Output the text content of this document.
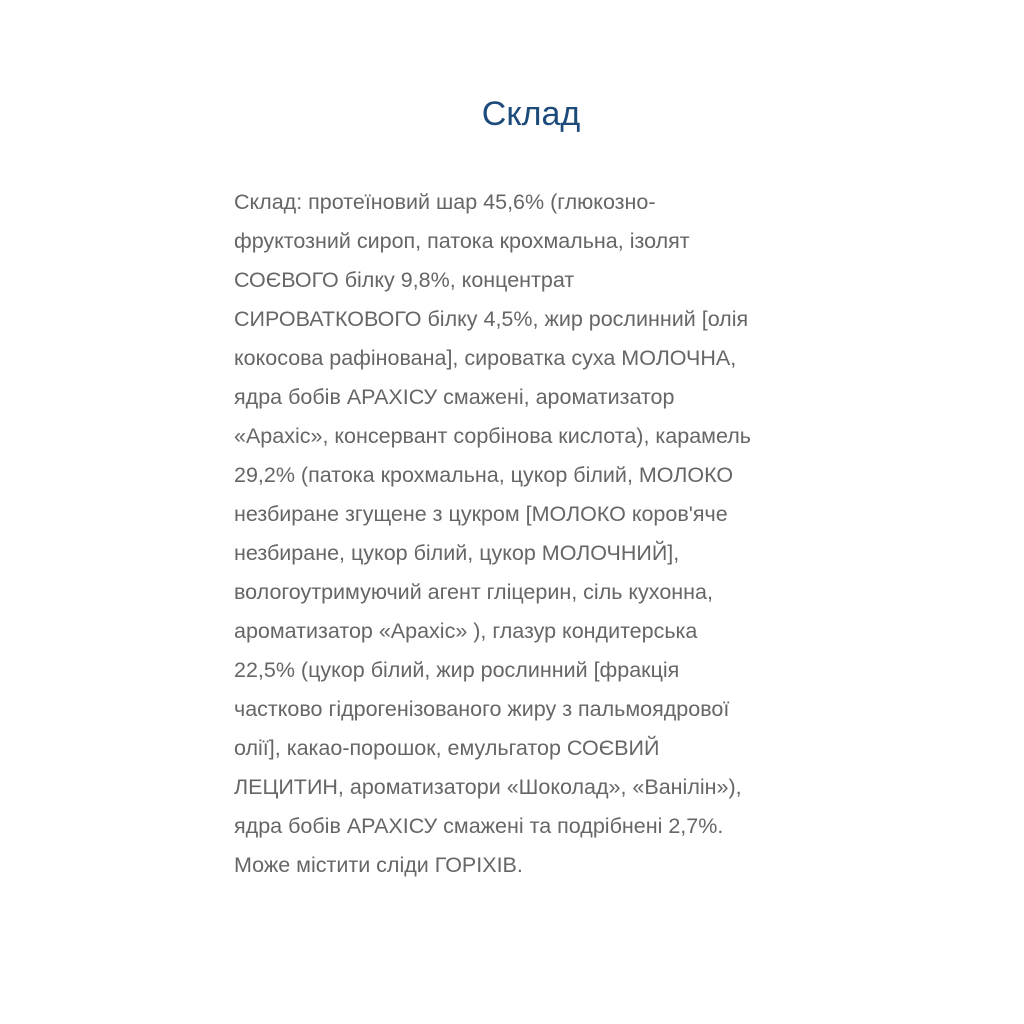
Склад

Склад: протеїновий шар 45,6% (глюкозно-
фруктозний сироп, патока крохмальна, ізолят
СОЄВОГО білку 9,8%, концентрат
СИРОВАТКОВОГО білку 4,5%, жир рослинний [олія
кокосова рафінована], сироватка суха МОЛОЧНА,
ядра бобів АРАХІСУ смажені, ароматизатор
«Арахіс», консервант сорбінова кислота), карамель
29,2% (патока крохмальна, цукор білий, МОЛОКО
незбиране згущене з цукром [МОЛОКО коров'яче
незбиране, цукор білий, цукор МОЛОЧНИЙ],
вологоутримуючий агент гліцерин, сіль кухонна,
ароматизатор «Арахіс» ), глазур кондитерська
22,5% (цукор білий, жир рослинний [фракція
частково гідрогенізованого жиру з пальмоядрової
олії], какао-порошок, емульгатор СОЄВИЙ
ЛЕЦИТИН, ароматизатори «Шоколад», «Ванілін»),
ядра бобів АРАХІСУ смажені та подрібнені 2,7%.
Може містити сліди ГОРІХІВ.
